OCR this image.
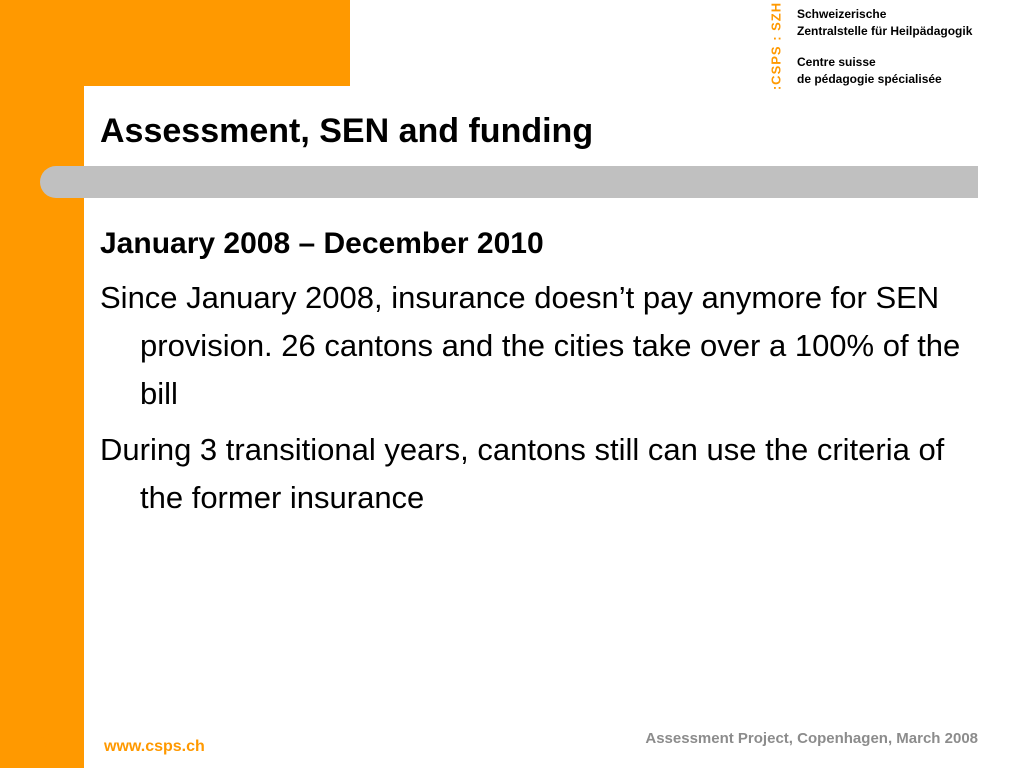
:CSPS : SZH Schweizerische
Zentralstelle für Heilpädagogik
Centre suisse
de pédagogie spécialisée
Assessment, SEN and funding
January 2008 – December 2010

Since January 2008, insurance doesn’t pay anymore for SEN provision. 26 cantons and the cities take over a 100% of the bill

During 3 transitional years, cantons still can use the criteria of the former insurance

5	www.csps.ch	Assessment Project, Copenhagen, March 2008
